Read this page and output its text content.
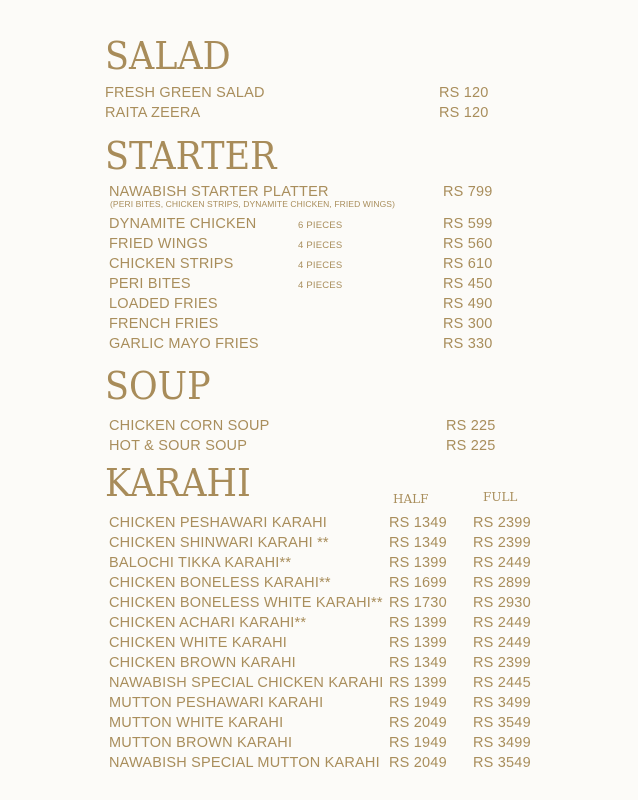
SALAD
FRESH GREEN SALAD	RS 120
RAITA ZEERA	RS 120
STARTER
NAWABISH STARTER PLATTER	RS 799
(PERI BITES, CHICKEN STRIPS, DYNAMITE CHICKEN, FRIED WINGS)
DYNAMITE CHICKEN	6 PIECES	RS 599
FRIED WINGS	4 PIECES	RS 560
CHICKEN STRIPS	4 PIECES	RS 610
PERI BITES	4 PIECES	RS 450
LOADED FRIES	RS 490
FRENCH FRIES	RS 300
GARLIC MAYO FRIES	RS 330
SOUP
CHICKEN CORN SOUP	RS 225
HOT & SOUR SOUP	RS 225
KARAHI	HALF	FULL
CHICKEN PESHAWARI KARAHI	RS 1349 RS 2399
CHICKEN SHINWARI KARAHI **	RS 1349 RS 2399
BALOCHI TIKKA KARAHI**	RS 1399 RS 2449
CHICKEN BONELESS KARAHI**	RS 1699 RS 2899
CHICKEN BONELESS WHITE KARAHI** RS 1730 RS 2930
CHICKEN ACHARI KARAHI**	RS 1399 RS 2449
CHICKEN WHITE KARAHI	RS 1399 RS 2449
CHICKEN BROWN KARAHI	RS 1349 RS 2399
NAWABISH SPECIAL CHICKEN KARAHI RS 1399 RS 2445
MUTTON PESHAWARI KARAHI	RS 1949 RS 3499
MUTTON WHITE KARAHI	RS 2049 RS 3549
MUTTON BROWN KARAHI	RS 1949 RS 3499
NAWABISH SPECIAL MUTTON KARAHI RS 2049 RS 3549
